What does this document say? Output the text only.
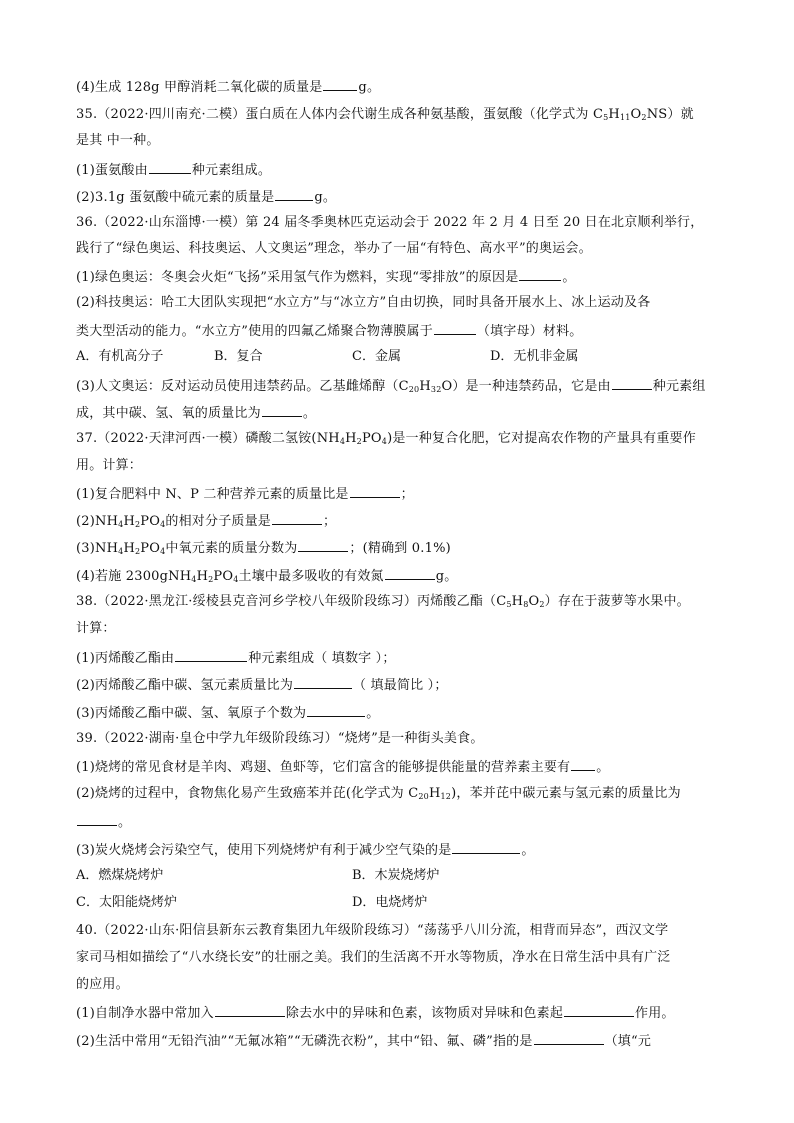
(4)生成 128g 甲醇消耗二氧化碳的质量是	g。
35.（2022·四川南充·二模）蛋白质在人体内会代谢生成各种氨基酸，蛋氨酸（化学式为 $C_5H_{11}O_2NS$）就
是其 中一种。
(1)蛋氨酸由	种元素组成。
(2)3.1g 蛋氨酸中硫元素的质量是	g。
36.（2022·山东淄博·一模）第 24 届冬季奥林匹克运动会于 2022 年 2 月 4 日至 20 日在北京顺利举行，
践行了“绿色奥运、科技奥运、人文奥运”理念，举办了一届“有特色、高水平”的奥运会。
(1)绿色奥运：冬奥会火炬“飞扬”采用氢气作为燃料，实现“零排放”的原因是	。
(2)科技奥运：哈工大团队实现把“水立方”与“冰立方”自由切换，同时具备开展水上、冰上运动及各
类大型活动的能力。“水立方”使用的四氟乙烯聚合物薄膜属于	（填字母）材料。
A．有机高分子	B．复合	C．金属	D．无机非金属
(3)人文奥运：反对运动员使用违禁药品。乙基雌烯醇$(C_{20}H_{32}O)$是一种违禁药品，它是由	种元素组
成，其中碳、氢、氧的质量比为	。
37.（2022·天津河西·一模）磷酸二氢铵$(NH_4H_2PO_4)$是一种复合化肥，它对提高农作物的产量具有重要作
用。计算：
(1)复合肥料中 N、P 二种营养元素的质量比是	；
$(2)NH_4H_2PO_4$的相对分子质量是	；
$(3)NH_4H_2PO_4$中氧元素的质量分数为	；(精确到 0.1%)
(4)若施 $2300gNH_4H_2PO_4$土壤中最多吸收的有效氮	g。
38.（2022·黑龙江·绥棱县克音河乡学校八年级阶段练习）丙烯酸乙酯$(C_5H_8O_2)$存在于菠萝等水果中。
计算：
(1)丙烯酸乙酯由	种元素组成（ 填数字 ）；
(2)丙烯酸乙酯中碳、氢元素质量比为	（ 填最简比 ）；
(3)丙烯酸乙酯中碳、氢、氧原子个数为	。
39.（2022·湖南·皇仓中学九年级阶段练习）“烧烤”是一种街头美食。
(1)烧烤的常见食材是羊肉、鸡翅、鱼虾等，它们富含的能够提供能量的营养素主要有 。
(2)烧烤的过程中，食物焦化易产生致癌苯并芘(化学式为 $C_{20}H_{12}$)，苯并芘中碳元素与氢元素的质量比为
。
(3)炭火烧烤会污染空气，使用下列烧烤炉有利于减少空气染的是	。
A．燃煤烧烤炉	B．木炭烧烤炉
C．太阳能烧烤炉	D．电烧烤炉
40.（2022·山东·阳信县新东云教育集团九年级阶段练习）“荡荡乎八川分流，相背而异态”，西汉文学
家司马相如描绘了“八水绕长安”的壮丽之美。我们的生活离不开水等物质，净水在日常生活中具有广泛
的应用。
(1)自制净水器中常加入	除去水中的异味和色素，该物质对异味和色素起	作用。
(2)生活中常用“无铅汽油”“无氟冰箱”“无磷洗衣粉”，其中“铅、氟、磷”指的是	（填“元
